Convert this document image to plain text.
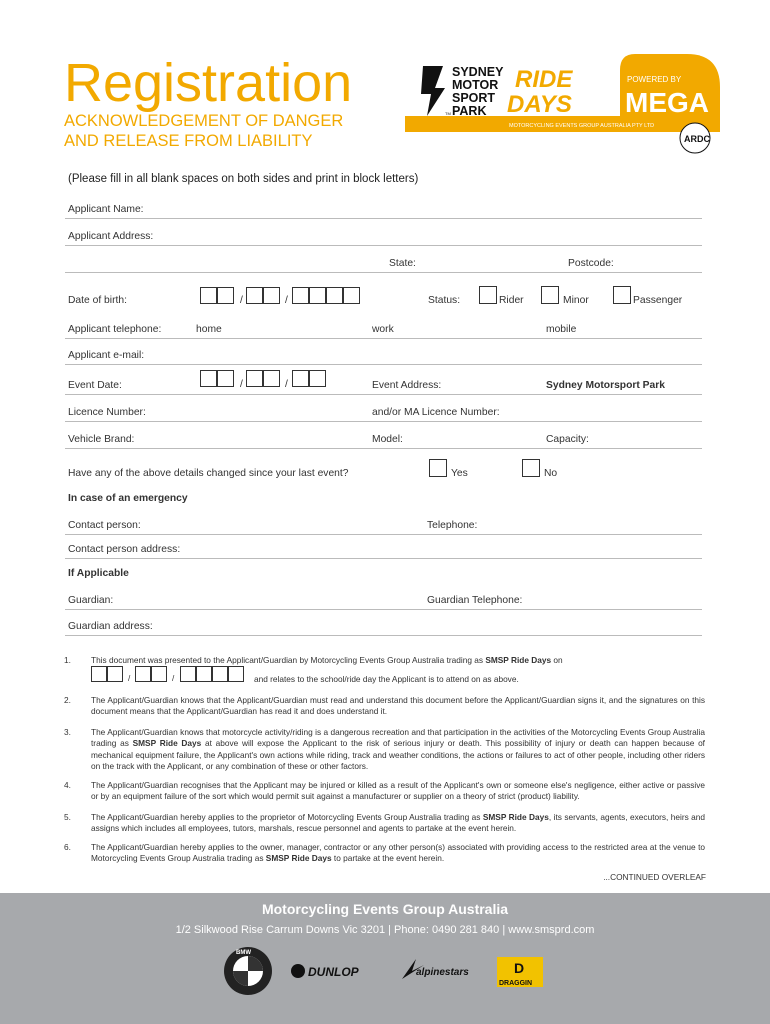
Registration
ACKNOWLEDGEMENT OF DANGER
AND RELEASE FROM LIABILITY
SYDNEY
MOTOR
SPORT
PARK
TM
RIDE
DAYS
POWERED BY
MEGA
MOTORCYCLING EVENTS GROUP AUSTRALIA PTY LTD
ARDC
(Please fill in all blank spaces on both sides and print in block letters)
Applicant Name:
Applicant Address:
State:	Postcode:
Date of birth:	/	/	Status:	Rider	Minor	Passenger
Applicant telephone:	home	work	mobile
Applicant e-mail:
Event Date:	/	/	Event Address:	Sydney Motorsport Park
Licence Number:	and/or MA Licence Number:
Vehicle Brand:	Model:	Capacity:
Have any of the above details changed since your last event?	Yes	No
In case of an emergency
Contact person:	Telephone:
Contact person address:
If Applicable
Guardian:	Guardian Telephone:
Guardian address:
1. This document was presented to the Applicant/Guardian by Motorcycling Events Group Australia trading as SMSP Ride Days on
/	/	and relates to the school/ride day the Applicant is to attend on as above.
2. The Applicant/Guardian knows that the Applicant/Guardian must read and understand this document before the Applicant/Guardian signs it, and the signatures on this document means that the Applicant/Guardian has read it and does understand it.
3. The Applicant/Guardian knows that motorcycle activity/riding is a dangerous recreation and that participation in the activities of the Motorcycling Events Group Australia trading as SMSP Ride Days at above will expose the Applicant to the risk of serious injury or death. This possibility of injury or death can happen because of mechanical equipment failure, the Applicant's own actions while riding, track and weather conditions, the actions or failures to act of other people, including other riders on the track with the Applicant, or any combination of these or other factors.
4. The Applicant/Guardian recognises that the Applicant may be injured or killed as a result of the Applicant's own or someone else's negligence, either active or passive or by an equipment failure of the sort which would permit suit against a manufacturer or supplier on a theory of strict (product) liability.
5. The Applicant/Guardian hereby applies to the proprietor of Motorcycling Events Group Australia trading as SMSP Ride Days, its servants, agents, executors, heirs and assigns which includes all employees, tutors, marshals, rescue personnel and agents to partake at the event herein.
6. The Applicant/Guardian hereby applies to the owner, manager, contractor or any other person(s) associated with providing access to the restricted area at the venue to Motorcycling Events Group Australia trading as SMSP Ride Days to partake at the event herein.
...CONTINUED OVERLEAF
Motorcycling Events Group Australia
1/2 Silkwood Rise Carrum Downs Vic 3201 | Phone: 0490 281 840 | www.smsprd.com
BMW
DUNLOP	alpinestars	D
DRAGGIN
